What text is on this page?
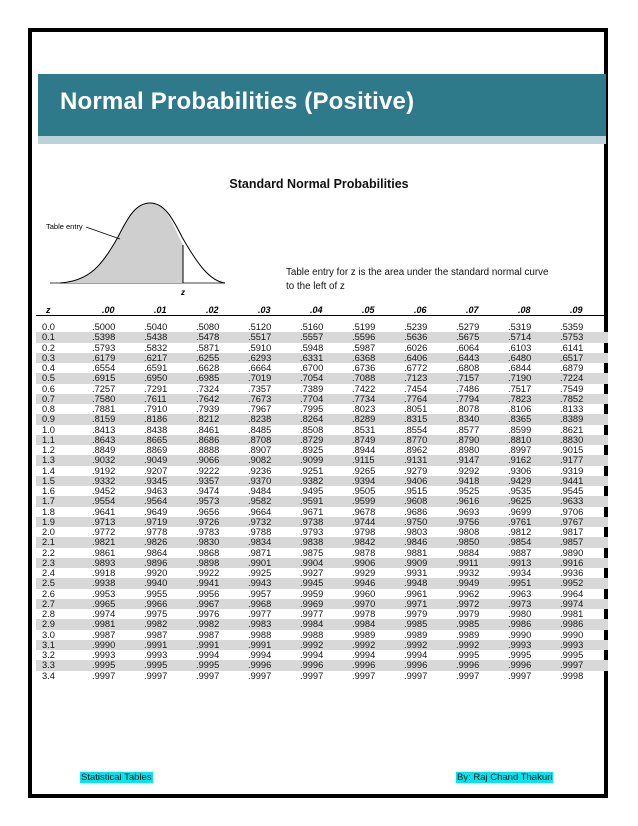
Normal Probabilities (Positive)
Standard Normal Probabilities
Table entry
z
Table entry for z is the area under the standard normal curve
to the left of z
z	.00	.01	.02	.03	.04	.05	.06	.07	.08	.09
0.0	.5000	.5040	.5080	.5120	.5160	.5199	.5239	.5279	.5319	.5359
0.1	.5398	.5438	.5478	.5517	.5557	.5596	.5636	.5675	.5714	.5753
0.2	.5793	.5832	.5871	.5910	.5948	.5987	.6026	.6064	.6103	.6141
0.3	.6179	.6217	.6255	.6293	.6331	.6368	.6406	.6443	.6480	.6517
0.4	.6554	.6591	.6628	.6664	.6700	.6736	.6772	.6808	.6844	.6879
0.5	.6915	.6950	.6985	.7019	.7054	.7088	.7123	.7157	.7190	.7224
0.6	.7257	.7291	.7324	.7357	.7389	.7422	.7454	.7486	.7517	.7549
0.7	.7580	.7611	.7642	.7673	.7704	.7734	.7764	.7794	.7823	.7852
0.8	.7881	.7910	.7939	.7967	.7995	.8023	.8051	.8078	.8106	.8133
0.9	.8159	.8186	.8212	.8238	.8264	.8289	.8315	.8340	.8365	.8389
1.0	.8413	.8438	.8461	.8485	.8508	.8531	.8554	.8577	.8599	.8621
1.1	.8643	.8665	.8686	.8708	.8729	.8749	.8770	.8790	.8810	.8830
1.2	.8849	.8869	.8888	.8907	.8925	.8944	.8962	.8980	.8997	.9015
1.3	.9032	.9049	.9066	.9082	.9099	.9115	.9131	.9147	.9162	.9177
1.4	.9192	.9207	.9222	.9236	.9251	.9265	.9279	.9292	.9306	.9319
1.5	.9332	.9345	.9357	.9370	.9382	.9394	.9406	.9418	.9429	.9441
1.6	.9452	.9463	.9474	.9484	.9495	.9505	.9515	.9525	.9535	.9545
1.7	.9554	.9564	.9573	.9582	.9591	.9599	.9608	.9616	.9625	.9633
1.8	.9641	.9649	.9656	.9664	.9671	.9678	.9686	.9693	.9699	.9706
1.9	.9713	.9719	.9726	.9732	.9738	.9744	.9750	.9756	.9761	.9767
2.0	.9772	.9778	.9783	.9788	.9793	.9798	.9803	.9808	.9812	.9817
2.1	.9821	.9826	.9830	.9834	.9838	.9842	.9846	.9850	.9854	.9857
2.2	.9861	.9864	.9868	.9871	.9875	.9878	.9881	.9884	.9887	.9890
2.3	.9893	.9896	.9898	.9901	.9904	.9906	.9909	.9911	.9913	.9916
2.4	.9918	.9920	.9922	.9925	.9927	.9929	.9931	.9932	.9934	.9936
2.5	.9938	.9940	.9941	.9943	.9945	.9946	.9948	.9949	.9951	.9952
2.6	.9953	.9955	.9956	.9957	.9959	.9960	.9961	.9962	.9963	.9964
2.7	.9965	.9966	.9967	.9968	.9969	.9970	.9971	.9972	.9973	.9974
2.8	.9974	.9975	.9976	.9977	.9977	.9978	.9979	.9979	.9980	.9981
2.9	.9981	.9982	.9982	.9983	.9984	.9984	.9985	.9985	.9986	.9986
3.0	.9987	.9987	.9987	.9988	.9988	.9989	.9989	.9989	.9990	.9990
3.1	.9990	.9991	.9991	.9991	.9992	.9992	.9992	.9992	.9993	.9993
3.2	.9993	.9993	.9994	.9994	.9994	.9994	.9994	.9995	.9995	.9995
3.3	.9995	.9995	.9995	.9996	.9996	.9996	.9996	.9996	.9996	.9997
3.4	.9997	.9997	.9997	.9997	.9997	.9997	.9997	.9997	.9997	.9998
Statistical Tables	By: Raj Chand Thakuri
